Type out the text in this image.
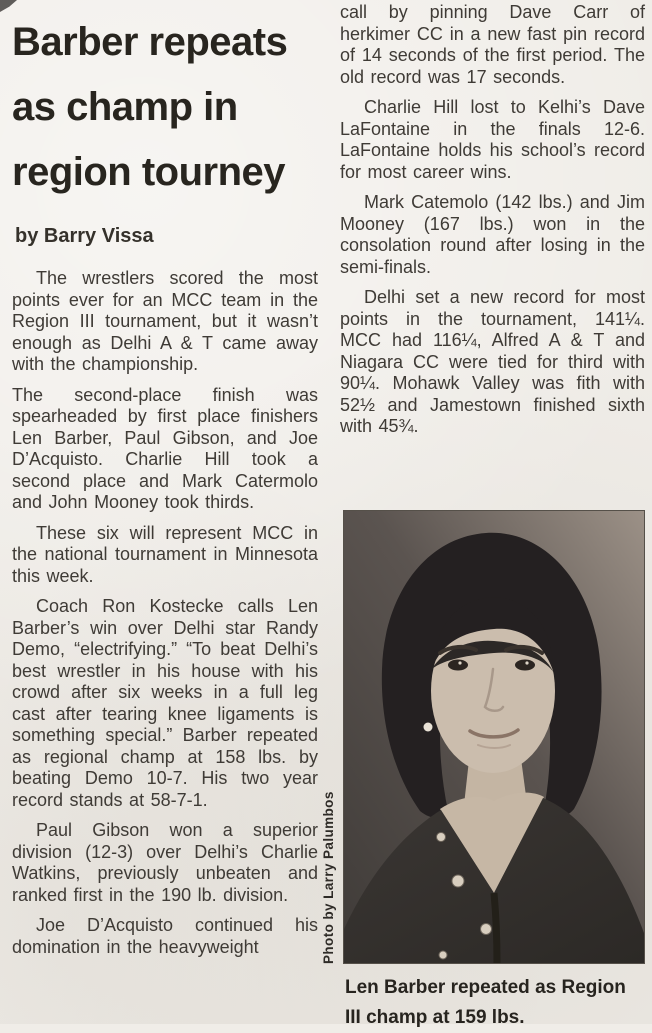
Barber repeats
as champ in
region tourney
by Barry Vissa

The wrestlers scored the most points ever for an MCC team in the Region III tournament, but it wasn’t enough as Delhi A & T came away with the championship.

The second-place finish was spearheaded by first place finishers Len Barber, Paul Gibson, and Joe D’Acquisto. Charlie Hill took a second place and Mark Catermolo and John Mooney took thirds.

These six will represent MCC in the national tournament in Minnesota this week.

Coach Ron Kostecke calls Len Barber’s win over Delhi star Randy Demo, “electrifying.” “To beat Delhi’s best wrestler in his house with his crowd after six weeks in a full leg cast after tearing knee ligaments is something special.” Barber repeated as regional champ at 158 lbs. by beating Demo 10-7. His two year record stands at 58-7-1.

Paul Gibson won a superior division (12-3) over Delhi’s Charlie Watkins, previously unbeaten and ranked first in the 190 lb. division.

Joe D’Acquisto continued his domination in the heavyweight

call by pinning Dave Carr of herkimer CC in a new fast pin record of 14 seconds of the first period. The old record was 17 seconds.

Charlie Hill lost to Kelhi’s Dave LaFontaine in the finals 12-6. LaFontaine holds his school’s record for most career wins.

Mark Catemolo (142 lbs.) and Jim Mooney (167 lbs.) won in the consolation round after losing in the semi-finals.

Delhi set a new record for most points in the tournament, 141¼. MCC had 116¼, Alfred A & T and Niagara CC were tied for third with 90¼. Mohawk Valley was fith with 52½ and Jamestown finished sixth with 45¾.

Photo by Larry Palumbos
Len Barber repeated as Region
III champ at 159 lbs.
